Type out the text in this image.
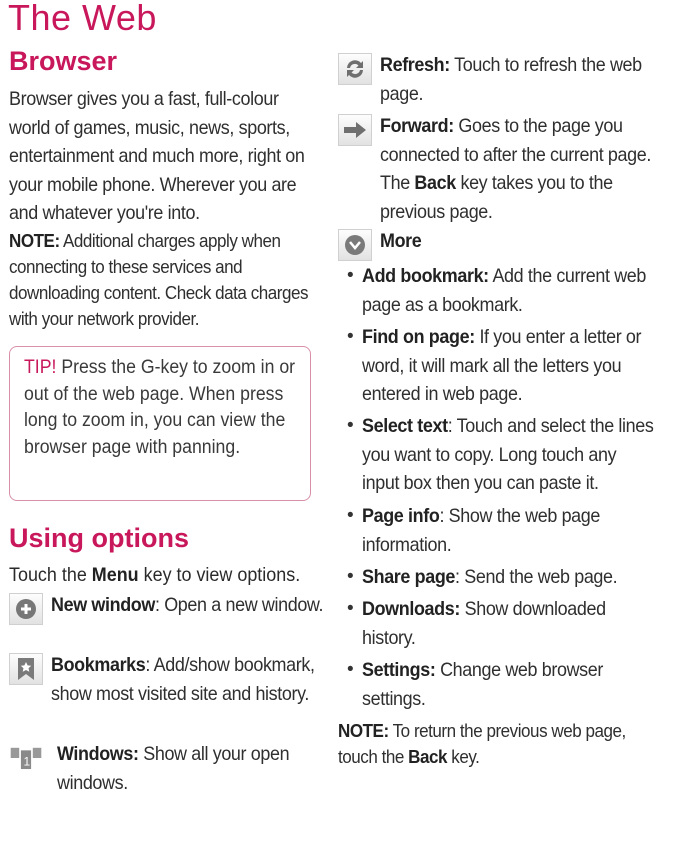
The Web
Browser

Browser gives you a fast, full-colour world of games, music, news, sports, entertainment and much more, right on your mobile phone. Wherever you are and whatever you're into.

NOTE: Additional charges apply when connecting to these services and downloading content. Check data charges with your network provider.

TIP! Press the G-key to zoom in or out of the web page. When press long to zoom in, you can view the browser page with panning.

Using options

Touch the Menu key to view options.

New window: Open a new window.

Bookmarks: Add/show bookmark, show most visited site and history.

1 Windows: Show all your open windows.

Refresh: Touch to refresh the web page.

Forward: Goes to the page you connected to after the current page. The Back key takes you to the previous page.

More

• Add bookmark: Add the current web page as a bookmark.

• Find on page: If you enter a letter or word, it will mark all the letters you entered in web page.

• Select text: Touch and select the lines you want to copy. Long touch any input box then you can paste it.

• Page info: Show the web page information.

• Share page: Send the web page.

• Downloads: Show downloaded history.

• Settings: Change web browser settings.

NOTE: To return the previous web page, touch the Back key.
